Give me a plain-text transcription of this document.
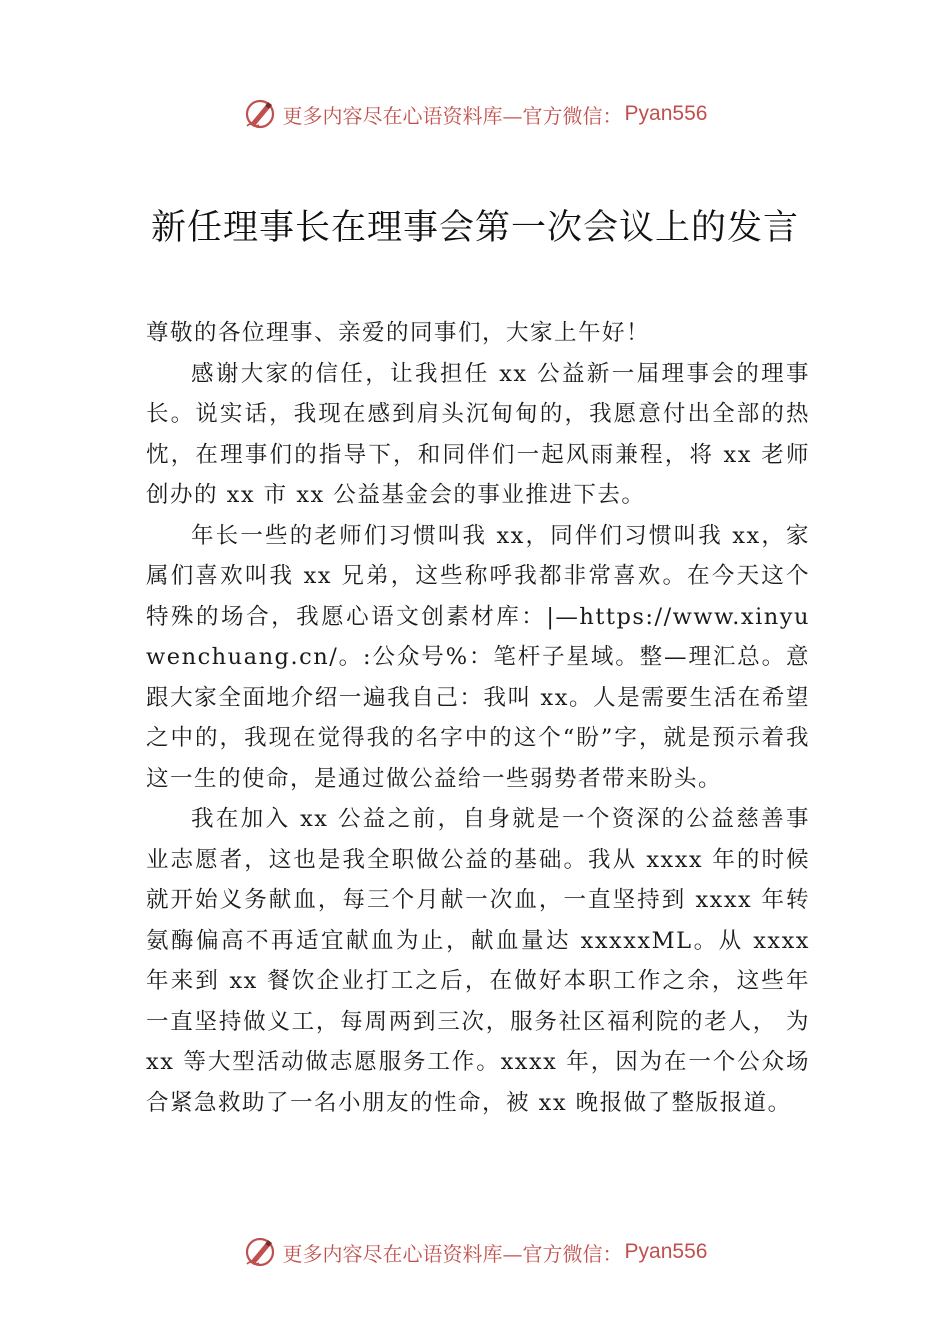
更多内容尽在心语资料库—官方微信： Pyan556
新任理事长在理事会第一次会议上的发言

尊敬的各位理事、亲爱的同事们，大家上午好！

感谢大家的信任，让我担任 xx 公益新一届理事会的理事长。说实话，我现在感到肩头沉甸甸的，我愿意付出全部的热忱，在理事们的指导下，和同伴们一起风雨兼程，将 xx 老师创办的 xx 市 xx 公益基金会的事业推进下去。

年长一些的老师们习惯叫我 xx，同伴们习惯叫我 xx，家属们喜欢叫我 xx 兄弟，这些称呼我都非常喜欢。在今天这个特殊的场合，我愿心语文创素材库：|—https://www.xinyuwenchuang.cn/。:公众号%：笔杆子星域。整—理汇总。意跟大家全面地介绍一遍我自己：我叫 xx。人是需要生活在希望之中的，我现在觉得我的名字中的这个“盼”字，就是预示着我这一生的使命，是通过做公益给一些弱势者带来盼头。

我在加入 xx 公益之前，自身就是一个资深的公益慈善事业志愿者，这也是我全职做公益的基础。我从 xxxx 年的时候就开始义务献血，每三个月献一次血，一直坚持到 xxxx 年转氨酶偏高不再适宜献血为止，献血量达 xxxxxML。从 xxxx 年来到 xx 餐饮企业打工之后，在做好本职工作之余，这些年一直坚持做义工，每周两到三次，服务社区福利院的老人， 为 xx 等大型活动做志愿服务工作。xxxx 年，因为在一个公众场合紧急救助了一名小朋友的性命，被 xx 晚报做了整版报道。

更多内容尽在心语资料库—官方微信： Pyan556
